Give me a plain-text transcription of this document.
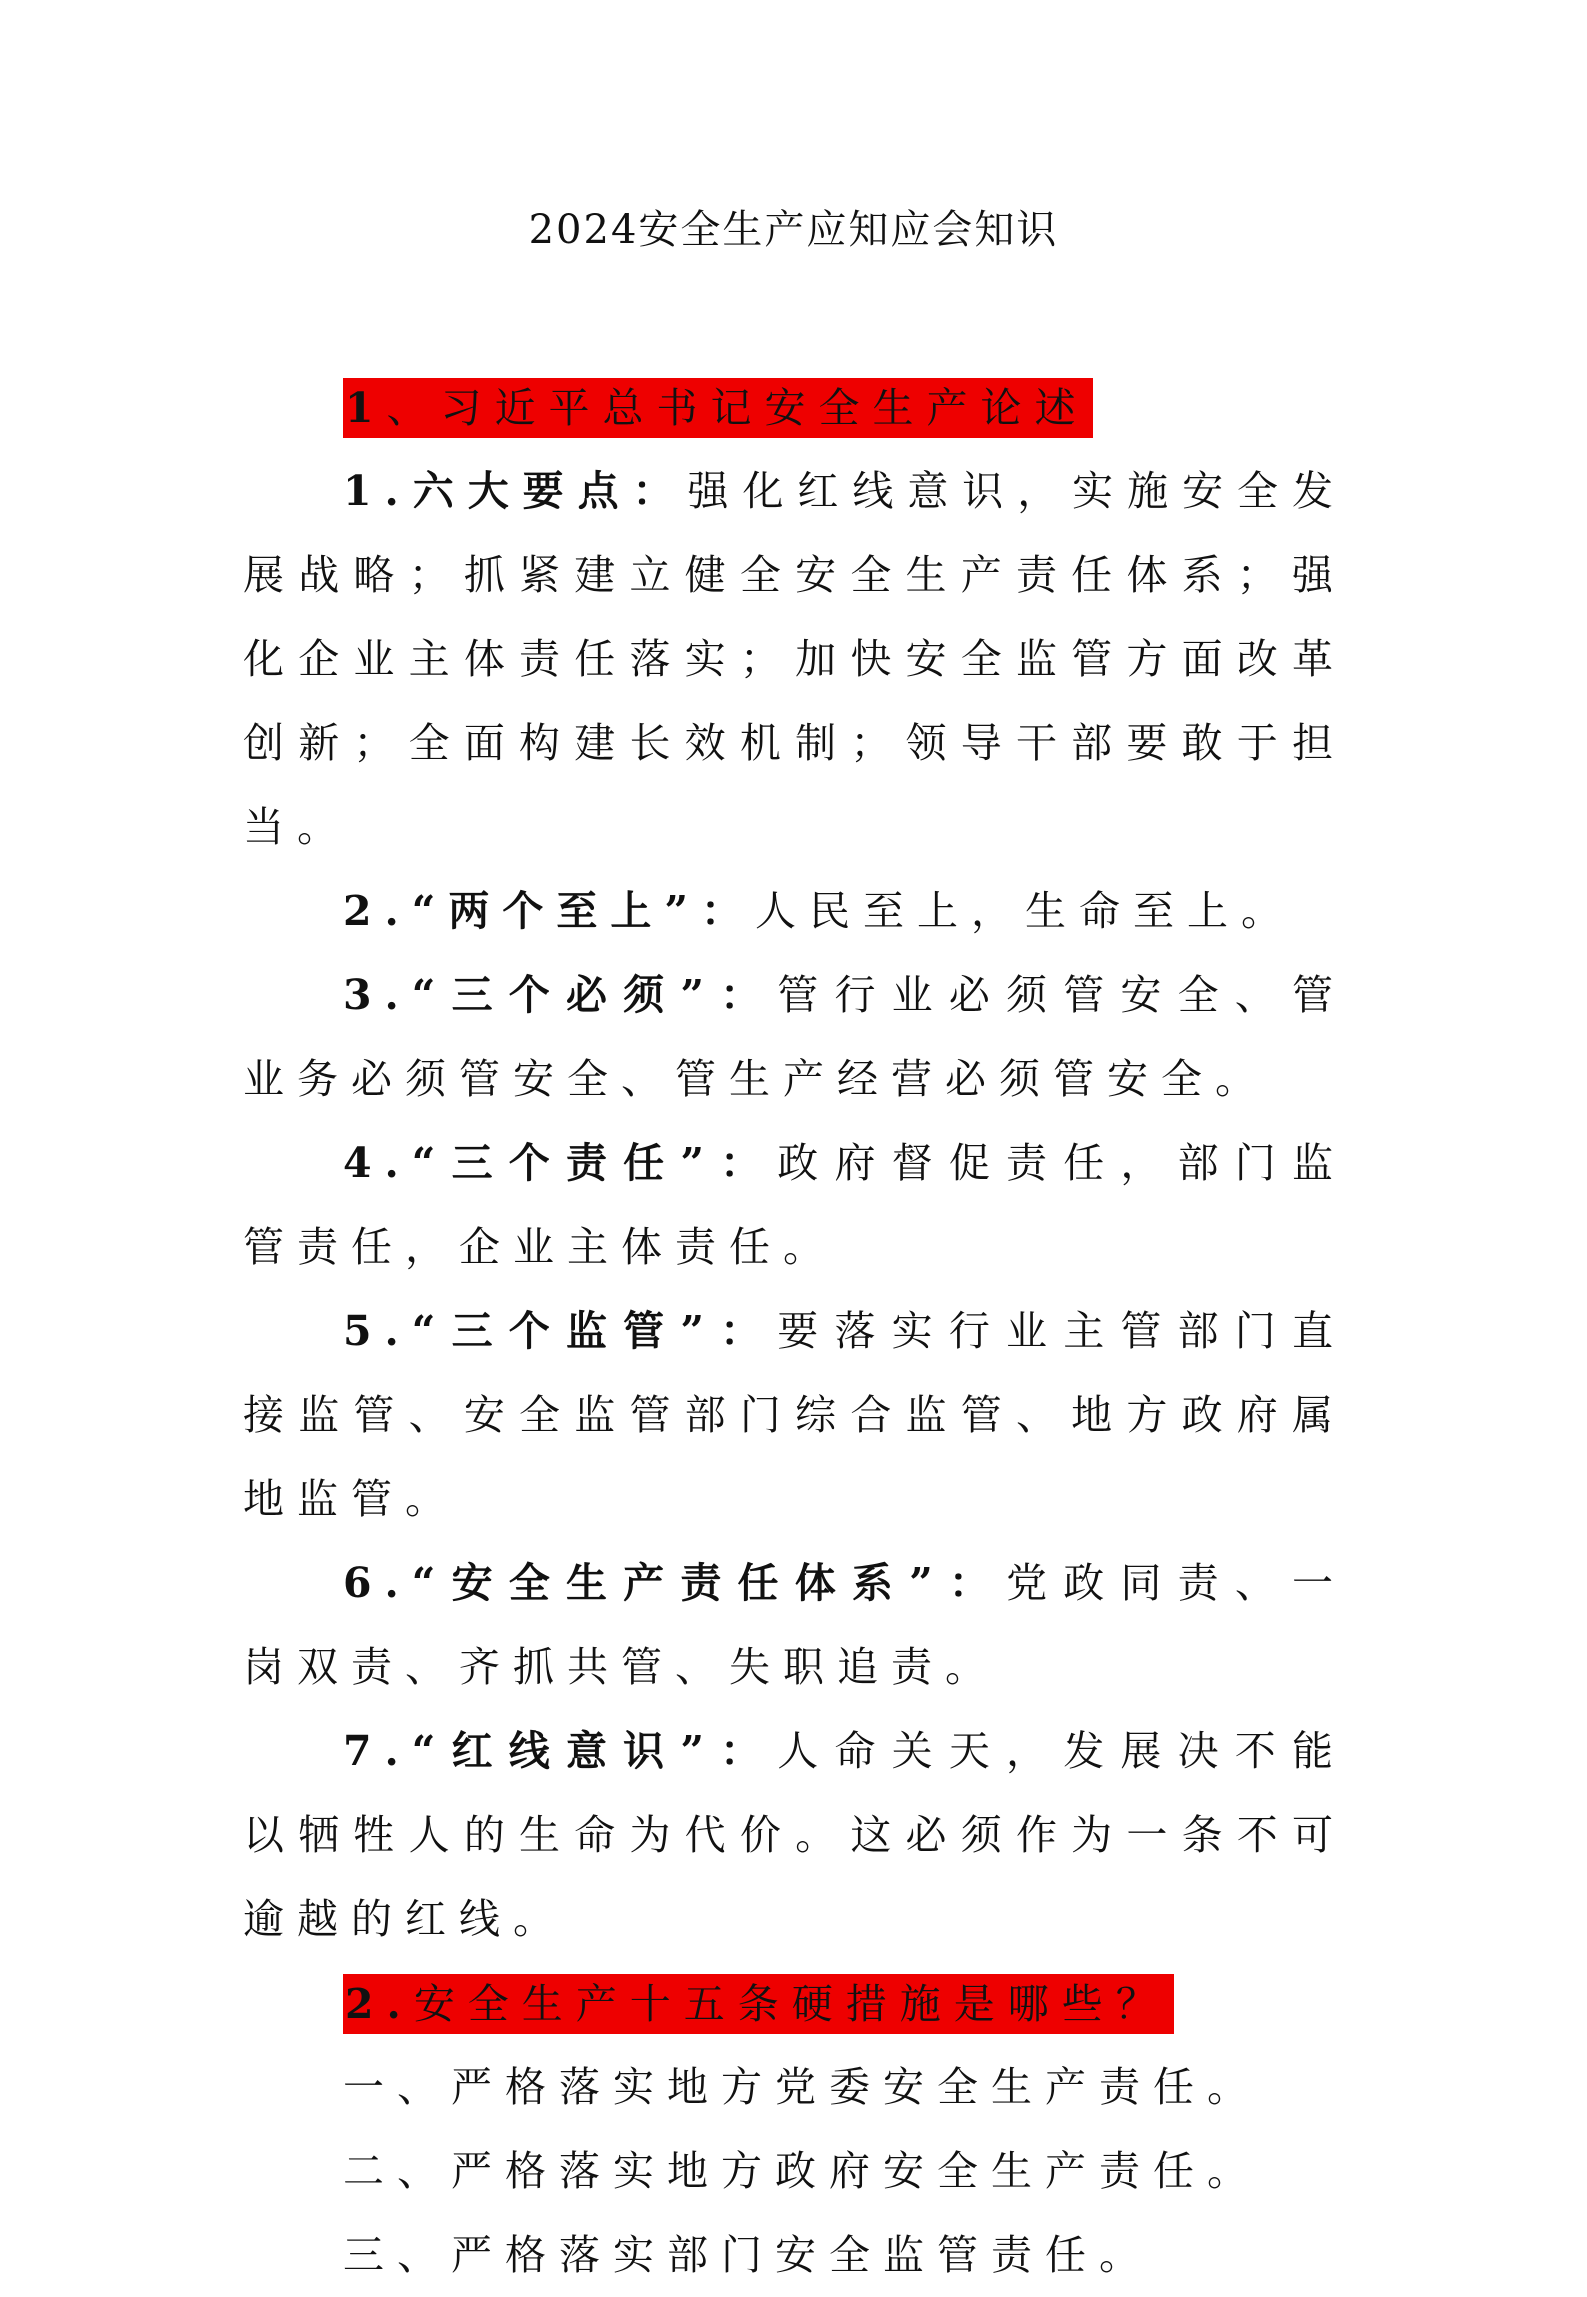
2024安全生产应知应会知识
1、习近平总书记安全生产论述

1.六大要点：强化红线意识，实施安全发展战略；抓紧建立健全安全生产责任体系；强化企业主体责任落实；加快安全监管方面改革创新；全面构建长效机制；领导干部要敢于担当。

2.“两个至上”：人民至上，生命至上。

3.“三个必须”：管行业必须管安全、管业务必须管安全、管生产经营必须管安全。

4.“三个责任”：政府督促责任，部门监管责任，企业主体责任。

5.“三个监管”：要落实行业主管部门直接监管、安全监管部门综合监管、地方政府属地监管。

6.“安全生产责任体系”：党政同责、一岗双责、齐抓共管、失职追责。

7.“红线意识”：人命关天，发展决不能以牺牲人的生命为代价。这必须作为一条不可逾越的红线。

2.安全生产十五条硬措施是哪些？

一、严格落实地方党委安全生产责任。

二、严格落实地方政府安全生产责任。

三、严格落实部门安全监管责任。
